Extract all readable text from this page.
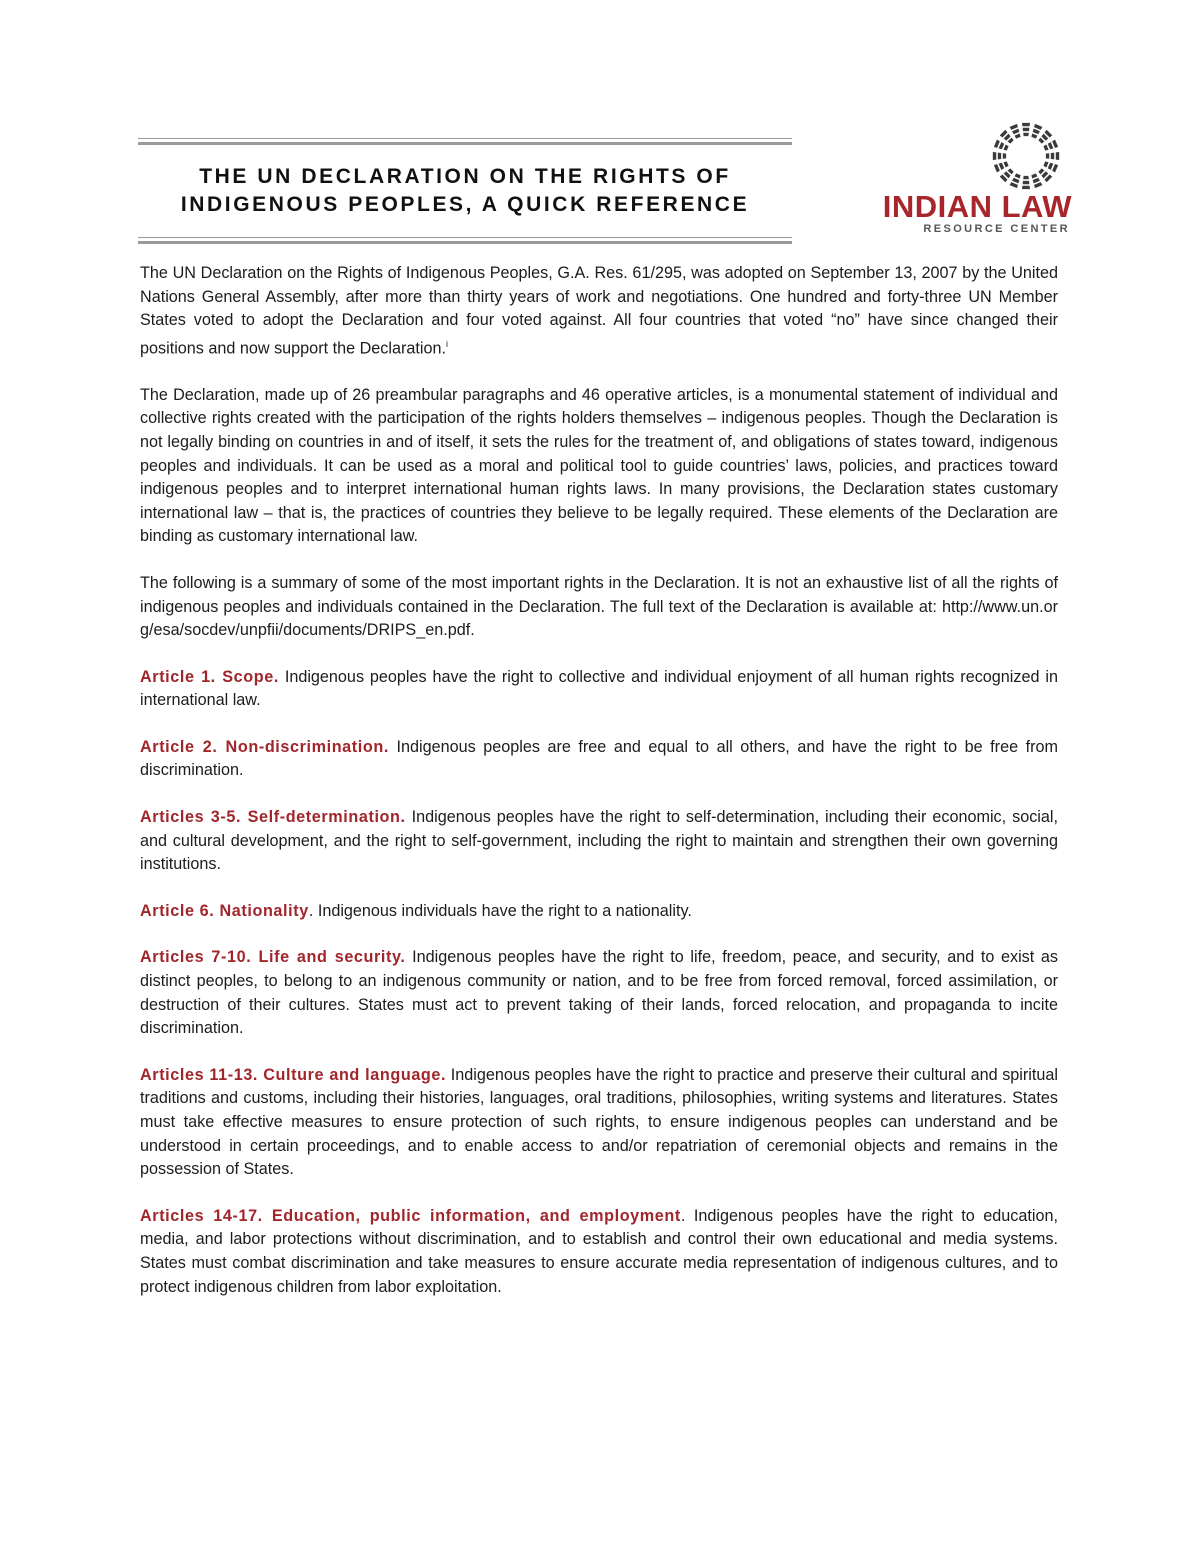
THE UN DECLARATION ON THE RIGHTS OF
INDIGENOUS PEOPLES, A QUICK REFERENCE	INDIAN LAW
RESOURCE CENTER

The UN Declaration on the Rights of Indigenous Peoples, G.A. Res. 61/295, was adopted on September 13, 2007 by the United Nations General Assembly, after more than thirty years of work and negotiations. One hundred and forty-three UN Member States voted to adopt the Declaration and four voted against. All four countries that voted “no” have since changed their positions and now support the Declaration.$^i$

The Declaration, made up of 26 preambular paragraphs and 46 operative articles, is a monumental statement of individual and collective rights created with the participation of the rights holders themselves – indigenous peoples. Though the Declaration is not legally binding on countries in and of itself, it sets the rules for the treatment of, and obligations of states toward, indigenous peoples and individuals. It can be used as a moral and political tool to guide countries’ laws, policies, and practices toward indigenous peoples and to interpret international human rights laws. In many provisions, the Declaration states customary international law – that is, the practices of countries they believe to be legally required. These elements of the Declaration are binding as customary international law.

The following is a summary of some of the most important rights in the Declaration. It is not an exhaustive list of all the rights of indigenous peoples and individuals contained in the Declaration. The full text of the Declaration is available at: http://www.un.org/esa/socdev/unpfii/documents/DRIPS_en.pdf.

Article 1. Scope. Indigenous peoples have the right to collective and individual enjoyment of all human rights recognized in international law.

Article 2. Non-discrimination. Indigenous peoples are free and equal to all others, and have the right to be free from discrimination.

Articles 3-5. Self-determination. Indigenous peoples have the right to self-determination, including their economic, social, and cultural development, and the right to self-government, including the right to maintain and strengthen their own governing institutions.

Article 6. Nationality. Indigenous individuals have the right to a nationality.

Articles 7-10. Life and security. Indigenous peoples have the right to life, freedom, peace, and security, and to exist as distinct peoples, to belong to an indigenous community or nation, and to be free from forced removal, forced assimilation, or destruction of their cultures. States must act to prevent taking of their lands, forced relocation, and propaganda to incite discrimination.

Articles 11-13. Culture and language. Indigenous peoples have the right to practice and preserve their cultural and spiritual traditions and customs, including their histories, languages, oral traditions, philosophies, writing systems and literatures. States must take effective measures to ensure protection of such rights, to ensure indigenous peoples can understand and be understood in certain proceedings, and to enable access to and/or repatriation of ceremonial objects and remains in the possession of States.

Articles 14-17. Education, public information, and employment. Indigenous peoples have the right to education, media, and labor protections without discrimination, and to establish and control their own educational and media systems. States must combat discrimination and take measures to ensure accurate media representation of indigenous cultures, and to protect indigenous children from labor exploitation.
